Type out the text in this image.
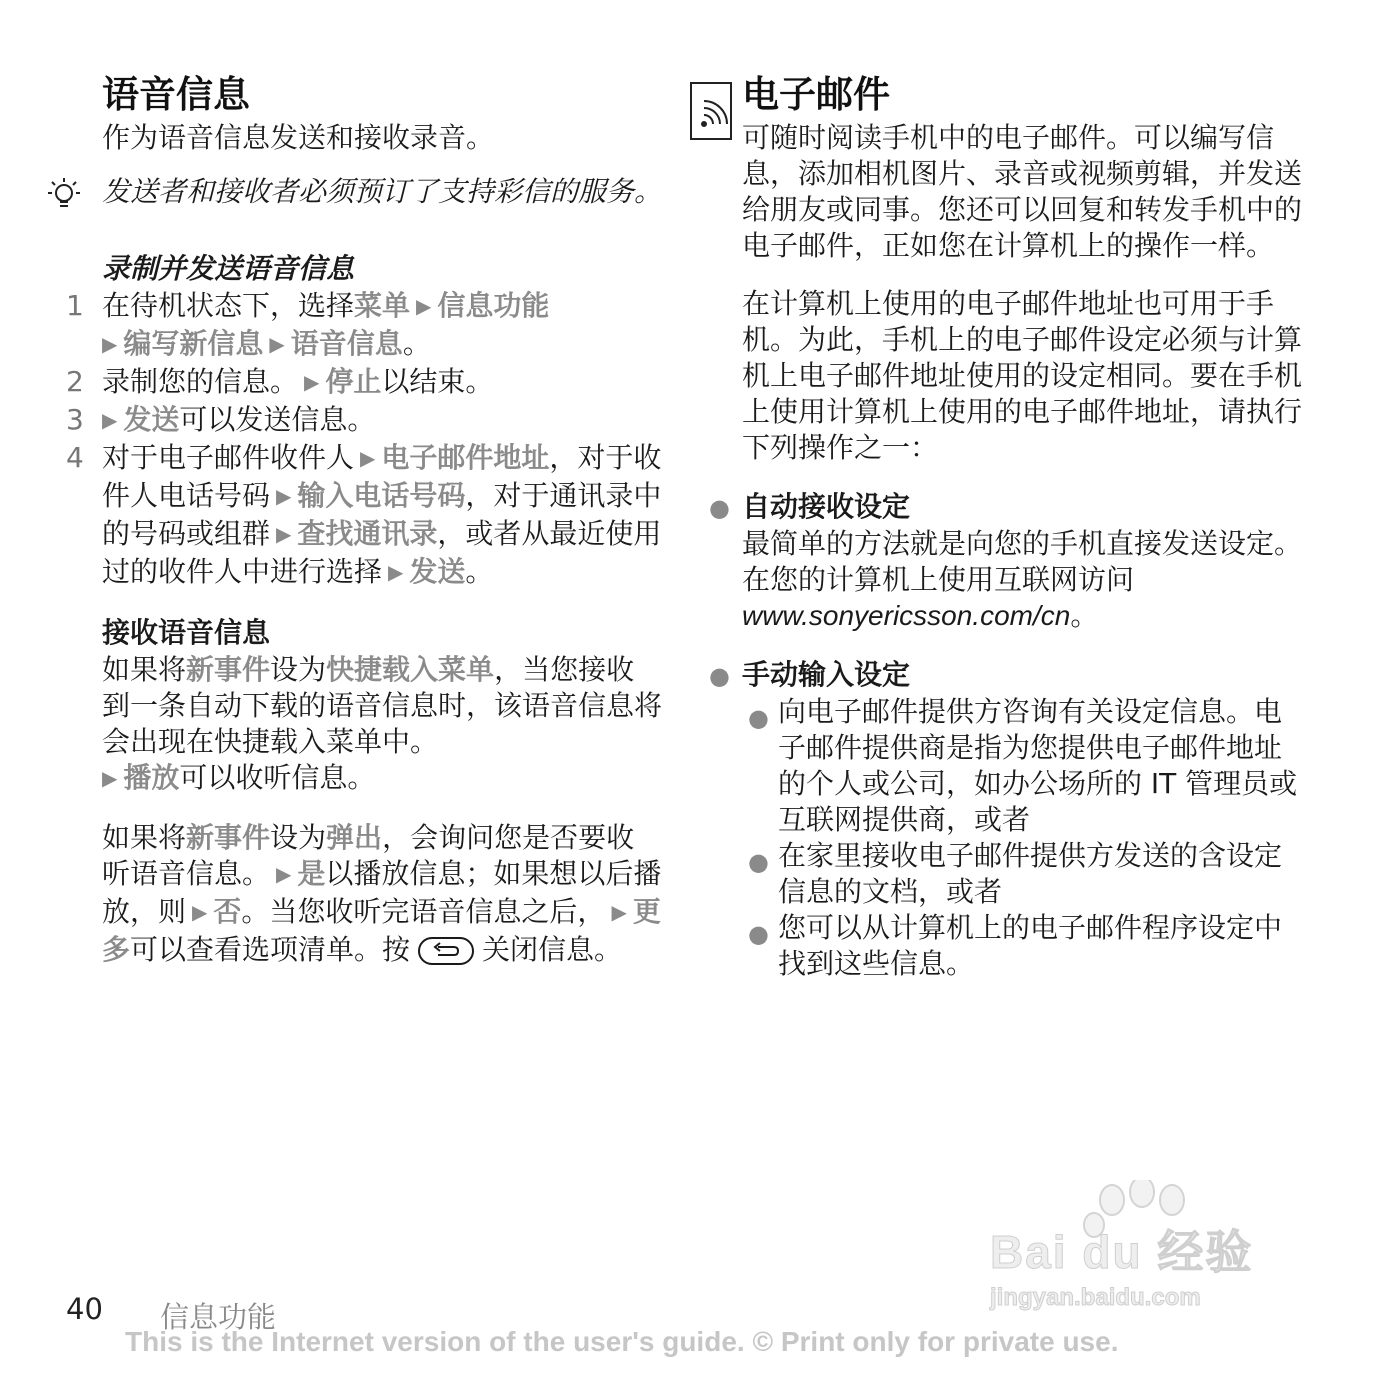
语音信息

作为语音信息发送和接收录音。

发送者和接收者必须预订了支持彩信的服务。
录制并发送语音信息
1 在待机状态下，选择菜单 ▶ 信息功能
▶ 编写新信息 ▶ 语音信息。
2 录制您的信息。 ▶ 停止以结束。
3 ▶ 发送可以发送信息。
4 对于电子邮件收件人 ▶ 电子邮件地址，对于收件人电话号码 ▶ 输入电话号码，对于通讯录中的号码或组群 ▶ 查找通讯录，或者从最近使用过的收件人中进行选择 ▶ 发送。
接收语音信息

如果将新事件设为快捷载入菜单，当您接收到一条自动下载的语音信息时，该语音信息将会出现在快捷载入菜单中。
▶ 播放可以收听信息。

如果将新事件设为弹出，会询问您是否要收听语音信息。 ▶ 是以播放信息；如果想以后播放，则 ▶ 否。当您收听完语音信息之后， ▶ 更多可以查看选项清单。按	关闭信息。

电子邮件

可随时阅读手机中的电子邮件。可以编写信息，添加相机图片、录音或视频剪辑，并发送给朋友或同事。您还可以回复和转发手机中的电子邮件，正如您在计算机上的操作一样。

在计算机上使用的电子邮件地址也可用于手机。为此，手机上的电子邮件设定必须与计算机上电子邮件地址使用的设定相同。要在手机上使用计算机上使用的电子邮件地址，请执行下列操作之一：

● 自动接收设定

最简单的方法就是向您的手机直接发送设定。在您的计算机上使用互联网访问
www.sonyericsson.com/cn。

● 手动输入设定
● 向电子邮件提供方咨询有关设定信息。电子邮件提供商是指为您提供电子邮件地址的个人或公司，如办公场所的 IT 管理员或互联网提供商，或者
● 在家里接收电子邮件提供方发送的含设定信息的文档，或者
● 您可以从计算机上的电子邮件程序设定中找到这些信息。
Bai du 经验
jingyan.baidu.com
40 信息功能
This is the Internet version of the user's guide. © Print only for private use.
